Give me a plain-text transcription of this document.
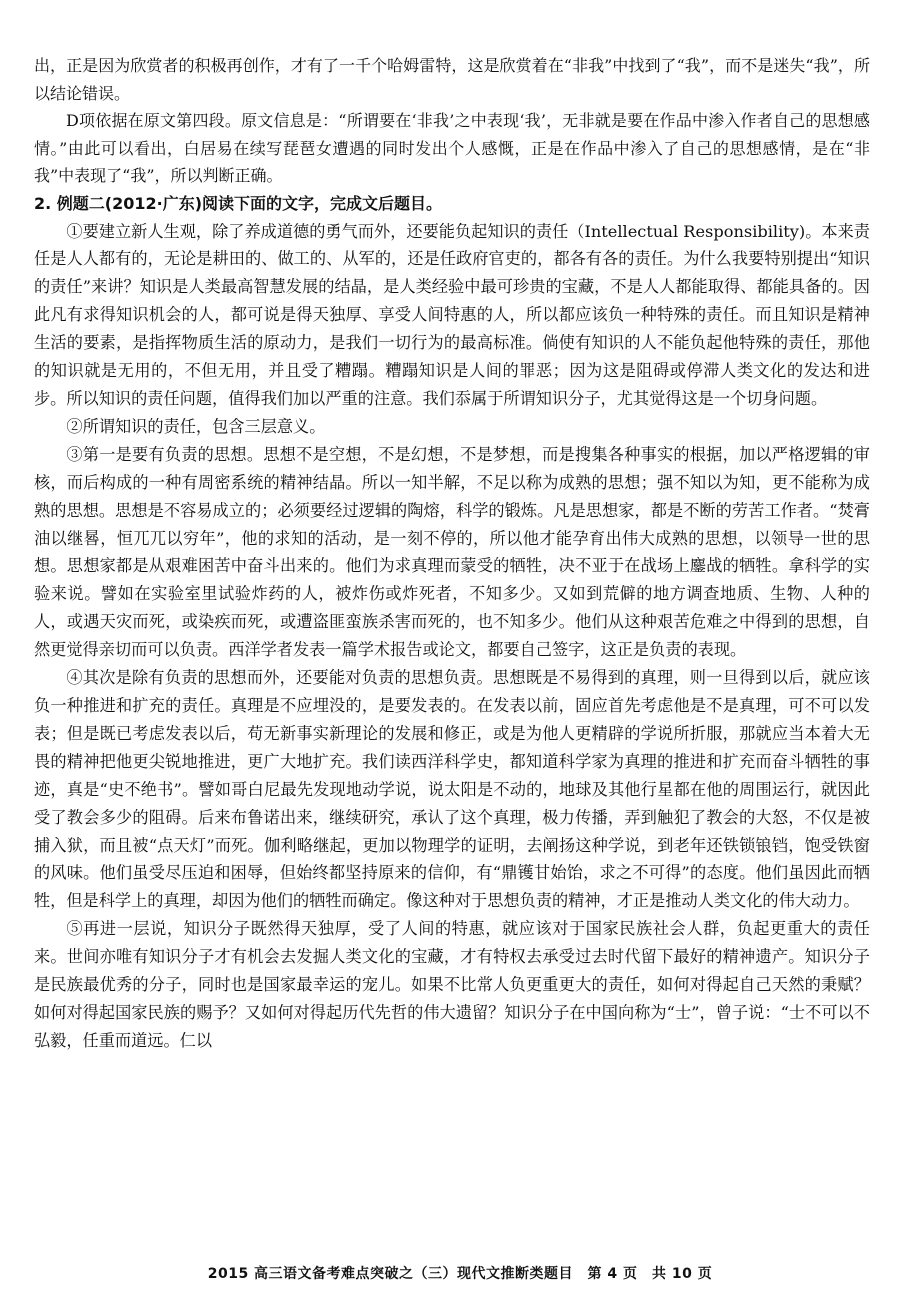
出，正是因为欣赏者的积极再创作，才有了一千个哈姆雷特，这是欣赏着在“非我”中找到了“我”，而不是迷失“我”，所以结论错误。

D项依据在原文第四段。原文信息是：“所谓要在‘非我’之中表现‘我’，无非就是要在作品中渗入作者自己的思想感情。”由此可以看出，白居易在续写琵琶女遭遇的同时发出个人感慨，正是在作品中渗入了自己的思想感情，是在“非我”中表现了“我”，所以判断正确。

2. 例题二(2012·广东)阅读下面的文字，完成文后题目。

①要建立新人生观，除了养成道德的勇气而外，还要能负起知识的责任（Intellectual Responsibility)。本来责任是人人都有的，无论是耕田的、做工的、从军的，还是任政府官吏的，都各有各的责任。为什么我要特别提出“知识的责任”来讲？知识是人类最高智慧发展的结晶，是人类经验中最可珍贵的宝藏，不是人人都能取得、都能具备的。因此凡有求得知识机会的人，都可说是得天独厚、享受人间特惠的人，所以都应该负一种特殊的责任。而且知识是精神生活的要素，是指挥物质生活的原动力，是我们一切行为的最高标准。倘使有知识的人不能负起他特殊的责任，那他的知识就是无用的，不但无用，并且受了糟蹋。糟蹋知识是人间的罪恶；因为这是阻碍或停滞人类文化的发达和进步。所以知识的责任问题，值得我们加以严重的注意。我们忝属于所谓知识分子，尤其觉得这是一个切身问题。

②所谓知识的责任，包含三层意义。

③第一是要有负责的思想。思想不是空想，不是幻想，不是梦想，而是搜集各种事实的根据，加以严格逻辑的审核，而后构成的一种有周密系统的精神结晶。所以一知半解，不足以称为成熟的思想；强不知以为知，更不能称为成熟的思想。思想是不容易成立的；必须要经过逻辑的陶熔，科学的锻炼。凡是思想家，都是不断的劳苦工作者。“焚膏油以继晷，恒兀兀以穷年”，他的求知的活动，是一刻不停的，所以他才能孕育出伟大成熟的思想，以领导一世的思想。思想家都是从艰难困苦中奋斗出来的。他们为求真理而蒙受的牺牲，决不亚于在战场上鏖战的牺牲。拿科学的实验来说。譬如在实验室里试验炸药的人，被炸伤或炸死者，不知多少。又如到荒僻的地方调查地质、生物、人种的人，或遇天灾而死，或染疾而死，或遭盗匪蛮族杀害而死的，也不知多少。他们从这种艰苦危难之中得到的思想，自然更觉得亲切而可以负责。西洋学者发表一篇学术报告或论文，都要自己签字，这正是负责的表现。

④其次是除有负责的思想而外，还要能对负责的思想负责。思想既是不易得到的真理，则一旦得到以后，就应该负一种推进和扩充的责任。真理是不应埋没的，是要发表的。在发表以前，固应首先考虑他是不是真理，可不可以发表；但是既已考虑发表以后，苟无新事实新理论的发展和修正，或是为他人更精辟的学说所折服，那就应当本着大无畏的精神把他更尖锐地推进，更广大地扩充。我们读西洋科学史，都知道科学家为真理的推进和扩充而奋斗牺牲的事迹，真是“史不绝书”。譬如哥白尼最先发现地动学说，说太阳是不动的，地球及其他行星都在他的周围运行，就因此受了教会多少的阻碍。后来布鲁诺出来，继续研究，承认了这个真理，极力传播，弄到触犯了教会的大怒，不仅是被捕入狱，而且被“点天灯”而死。伽利略继起，更加以物理学的证明，去阐扬这种学说，到老年还铁锁锒铛，饱受铁窗的风味。他们虽受尽压迫和困辱，但始终都坚持原来的信仰，有“鼎镬甘始饴，求之不可得”的态度。他们虽因此而牺牲，但是科学上的真理，却因为他们的牺牲而确定。像这种对于思想负责的精神，才正是推动人类文化的伟大动力。

⑤再进一层说，知识分子既然得天独厚，受了人间的特惠，就应该对于国家民族社会人群，负起更重大的责任来。世间亦唯有知识分子才有机会去发掘人类文化的宝藏，才有特权去承受过去时代留下最好的精神遗产。知识分子是民族最优秀的分子，同时也是国家最幸运的宠儿。如果不比常人负更重更大的责任，如何对得起自己天然的秉赋？如何对得起国家民族的赐予？又如何对得起历代先哲的伟大遗留？知识分子在中国向称为“士”，曾子说：“士不可以不弘毅，任重而道远。仁以

2015 高三语文备考难点突破之（三）现代文推断类题目　第 4 页　共 10 页
